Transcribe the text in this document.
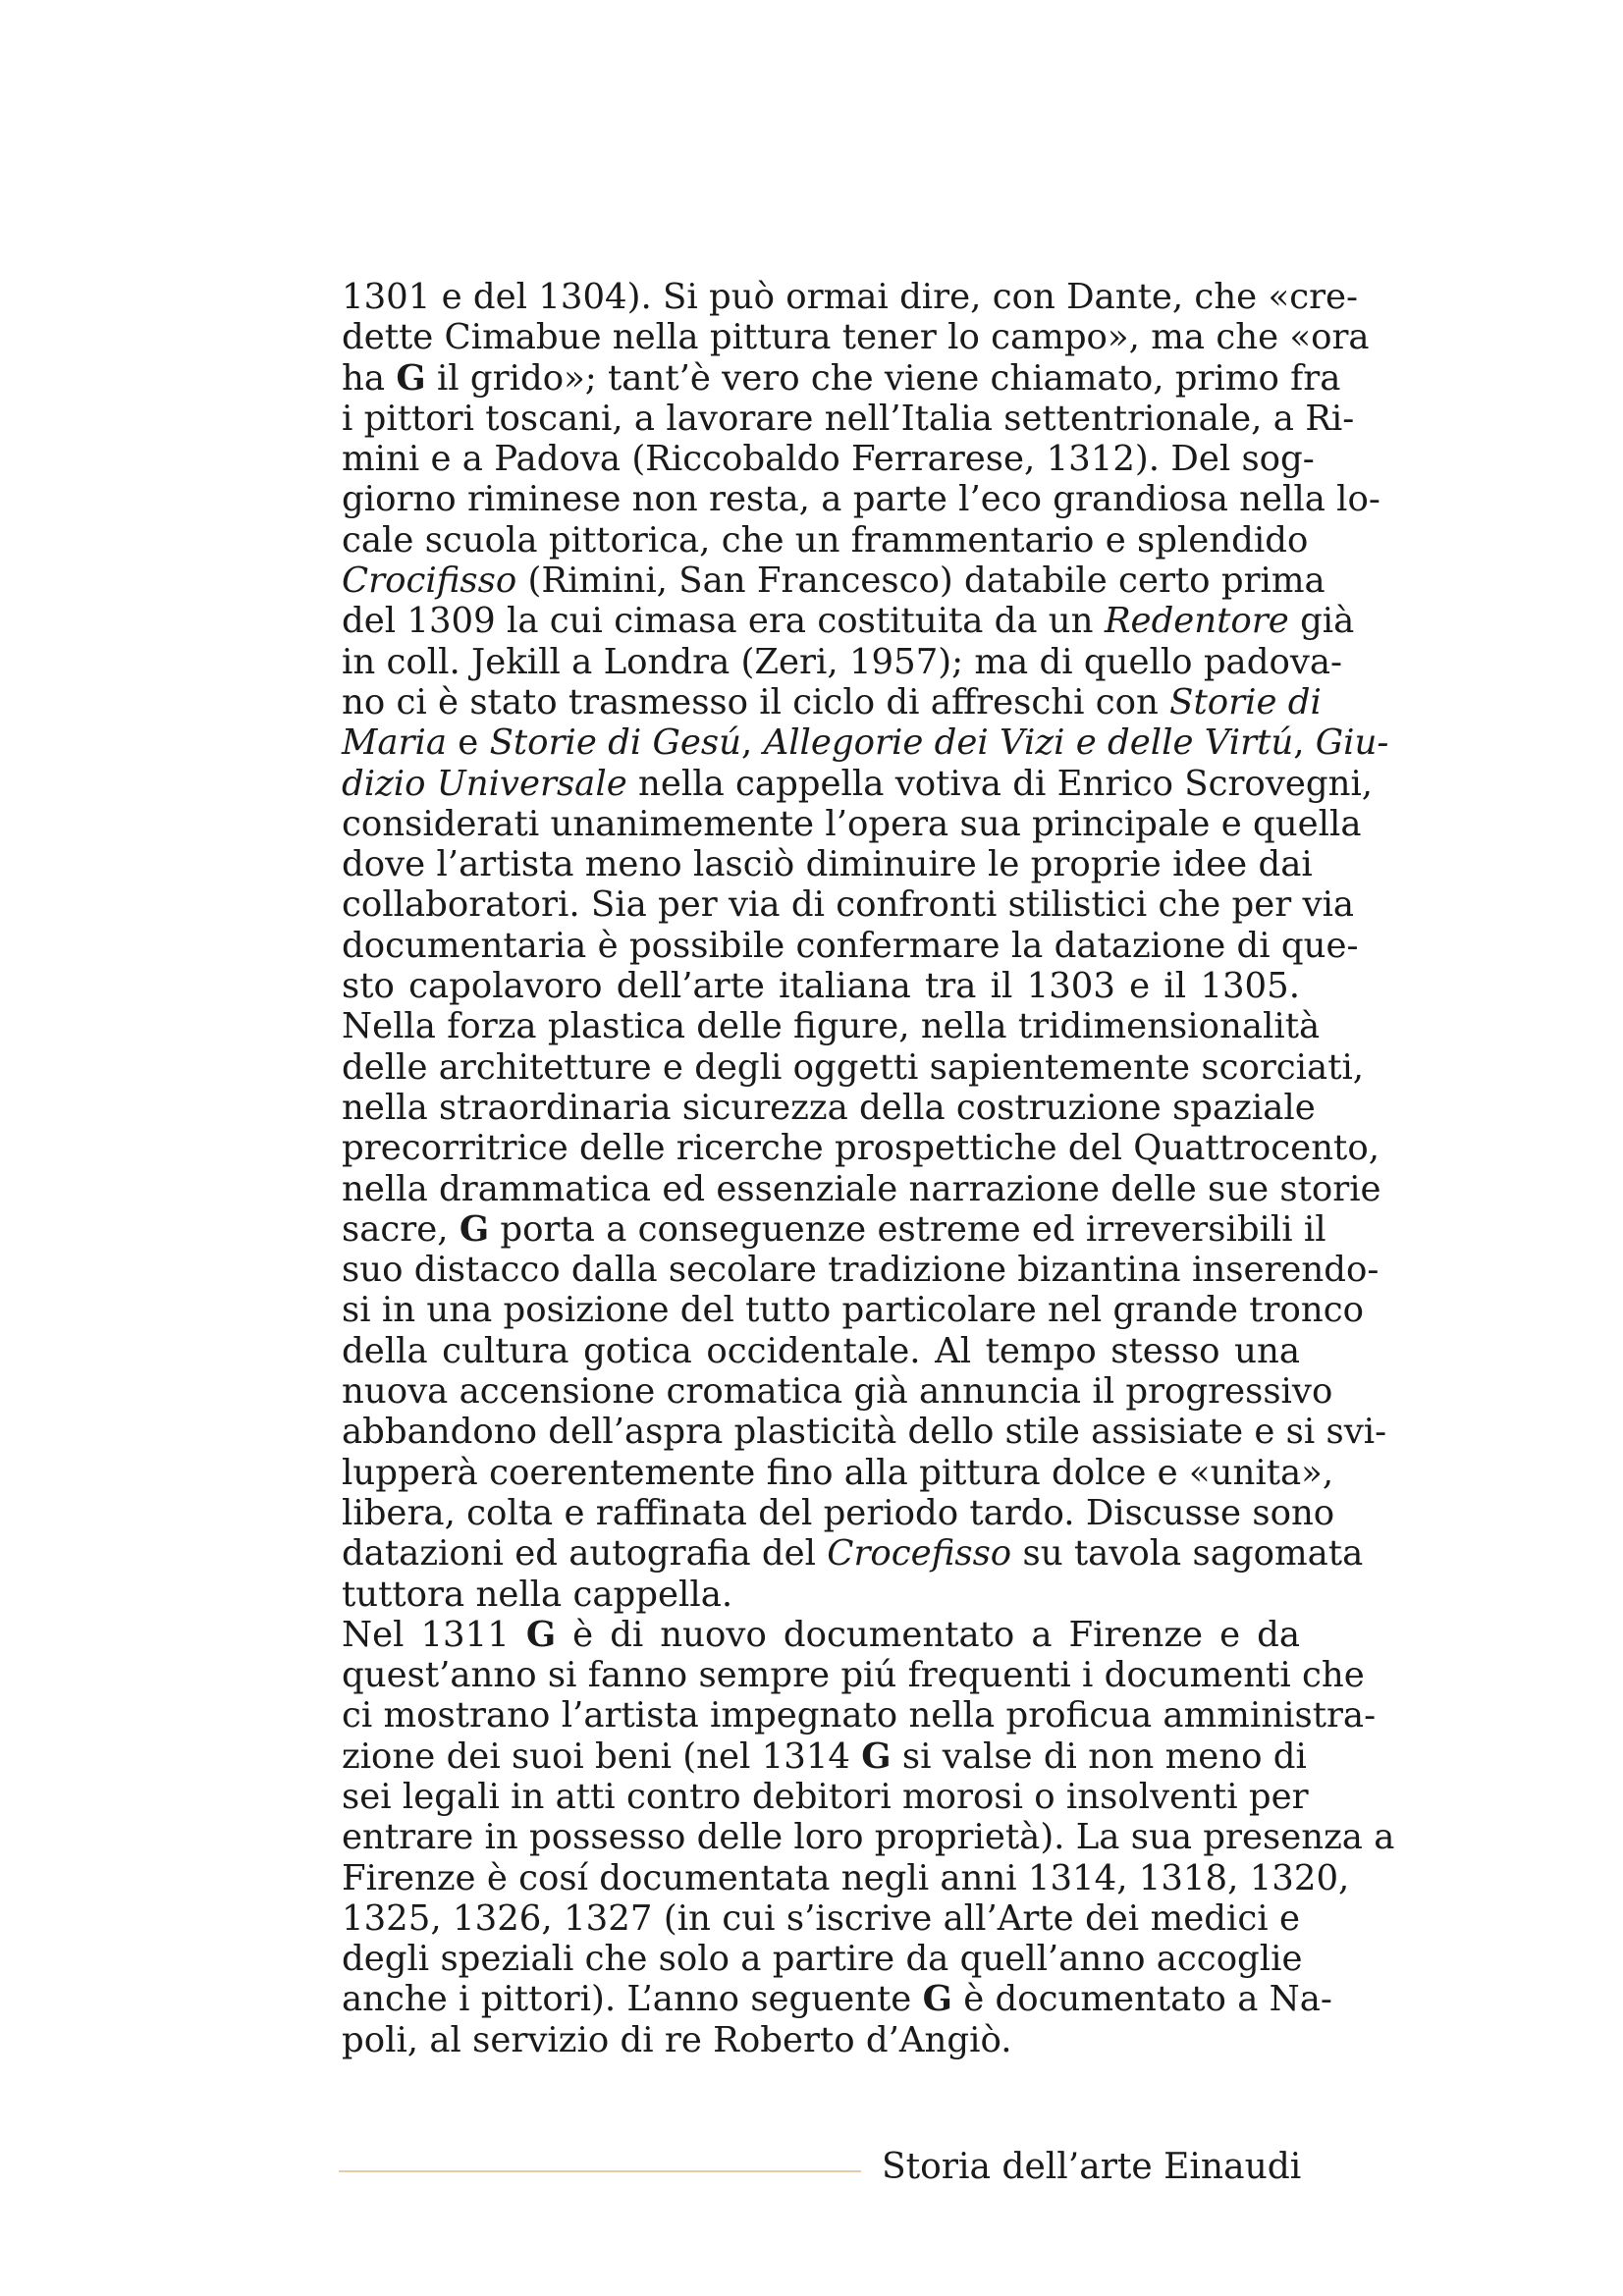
1301 e del 1304). Si può ormai dire, con Dante, che «cre-
dette Cimabue nella pittura tener lo campo», ma che «ora
ha G il grido»; tant’è vero che viene chiamato, primo fra
i pittori toscani, a lavorare nell’Italia settentrionale, a Ri-
mini e a Padova (Riccobaldo Ferrarese, 1312). Del sog-
giorno riminese non resta, a parte l’eco grandiosa nella lo-
cale scuola pittorica, che un frammentario e splendido
Crocifisso (Rimini, San Francesco) databile certo prima
del 1309 la cui cimasa era costituita da un Redentore già
in coll. Jekill a Londra (Zeri, 1957); ma di quello padova-
no ci è stato trasmesso il ciclo di affreschi con Storie di
Maria e Storie di Gesú, Allegorie dei Vizi e delle Virtú, Giu-
dizio Universale nella cappella votiva di Enrico Scrovegni,
considerati unanimemente l’opera sua principale e quella
dove l’artista meno lasciò diminuire le proprie idee dai
collaboratori. Sia per via di confronti stilistici che per via
documentaria è possibile confermare la datazione di que-
sto capolavoro dell’arte italiana tra il 1303 e il 1305.
Nella forza plastica delle figure, nella tridimensionalità
delle architetture e degli oggetti sapientemente scorciati,
nella straordinaria sicurezza della costruzione spaziale
precorritrice delle ricerche prospettiche del Quattrocento,
nella drammatica ed essenziale narrazione delle sue storie
sacre, G porta a conseguenze estreme ed irreversibili il
suo distacco dalla secolare tradizione bizantina inserendo-
si in una posizione del tutto particolare nel grande tronco
della cultura gotica occidentale. Al tempo stesso una
nuova accensione cromatica già annuncia il progressivo
abbandono dell’aspra plasticità dello stile assisiate e si svi-
lupperà coerentemente fino alla pittura dolce e «unita»,
libera, colta e raffinata del periodo tardo. Discusse sono
datazioni ed autografia del Crocefisso su tavola sagomata
tuttora nella cappella.
Nel 1311 G è di nuovo documentato a Firenze e da
quest’anno si fanno sempre piú frequenti i documenti che
ci mostrano l’artista impegnato nella proficua amministra-
zione dei suoi beni (nel 1314 G si valse di non meno di
sei legali in atti contro debitori morosi o insolventi per
entrare in possesso delle loro proprietà). La sua presenza a
Firenze è cosí documentata negli anni 1314, 1318, 1320,
1325, 1326, 1327 (in cui s’iscrive all’Arte dei medici e
degli speziali che solo a partire da quell’anno accoglie
anche i pittori). L’anno seguente G è documentato a Na-
poli, al servizio di re Roberto d’Angiò.
Storia dell’arte Einaudi
